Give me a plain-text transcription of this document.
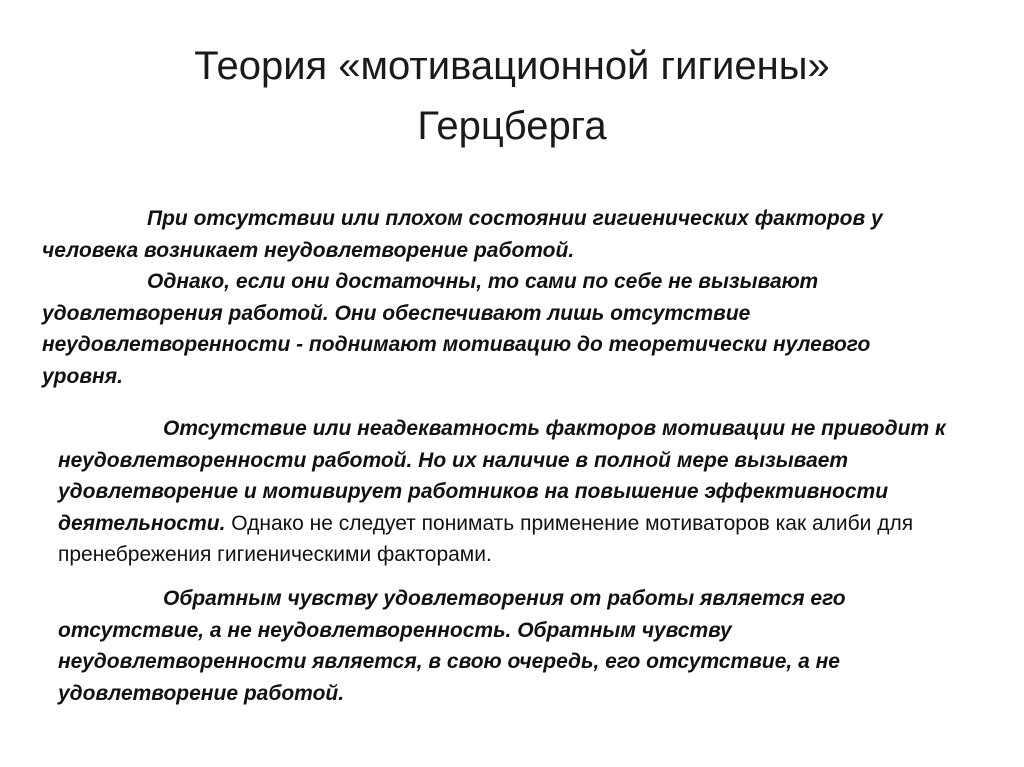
Теория «мотивационной гигиены»
Герцберга

При отсутствии или плохом состоянии гигиенических факторов у человека возникает неудовлетворение работой.

Однако, если они достаточны, то сами по себе не вызывают удовлетворения работой. Они обеспечивают лишь отсутствие неудовлетворенности - поднимают мотивацию до теоретически нулевого уровня.

Отсутствие или неадекватность факторов мотивации не приводит к неудовлетворенности работой. Но их наличие в полной мере вызывает удовлетворение и мотивирует работников на повышение эффективности деятельности. Однако не следует понимать применение мотиваторов как алиби для пренебрежения гигиеническими факторами.

Обратным чувству удовлетворения от работы является его отсутствие, а не неудовлетворенность. Обратным чувству неудовлетворенности является, в свою очередь, его отсутствие, а не удовлетворение работой.
